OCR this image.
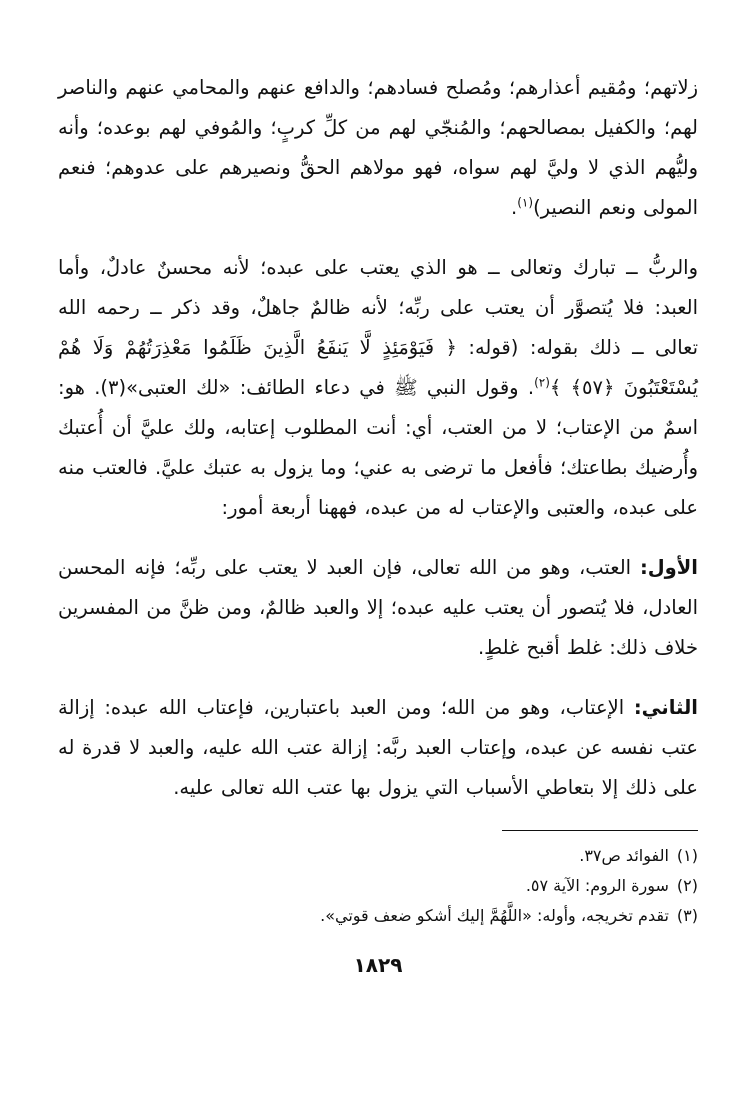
زلاتهم؛ ومُقيم أعذارهم؛ ومُصلح فسادهم؛ والدافع عنهم والمحامي عنهم والناصر لهم؛ والكفيل بمصالحهم؛ والمُنجّي لهم من كلِّ كربٍ؛ والمُوفي لهم بوعده؛ وأنه وليُّهم الذي لا وليَّ لهم سواه، فهو مولاهم الحقُّ ونصيرهم على عدوهم؛ فنعم المولى ونعم النصير)$^{(١)}$.

والربُّ ــ تبارك وتعالى ــ هو الذي يعتب على عبده؛ لأنه محسنٌ عادلٌ، وأما العبد: فلا يُتصوَّر أن يعتب على ربِّه؛ لأنه ظالمٌ جاهلٌ، وقد ذكر ــ رحمه الله تعالى ــ ذلك بقوله: (قوله: ﴿ فَيَوْمَئِذٍ لَّا يَنفَعُ الَّذِينَ ظَلَمُوا مَعْذِرَتُهُمْ وَلَا هُمْ يُسْتَعْتَبُونَ ﴿٥٧﴾ ﴾$^{(٢)}$. وقول النبي ﷺ في دعاء الطائف: «لك العتبى»(٣). هو: اسمٌ من الإعتاب؛ لا من العتب، أي: أنت المطلوب إعتابه، ولك عليَّ أن أُعتبك وأُرضيك بطاعتك؛ فأفعل ما ترضى به عني؛ وما يزول به عتبك عليَّ. فالعتب منه على عبده، والعتبى والإعتاب له من عبده، فههنا أربعة أمور:

الأول: العتب، وهو من الله تعالى، فإن العبد لا يعتب على ربِّه؛ فإنه المحسن العادل، فلا يُتصور أن يعتب عليه عبده؛ إلا والعبد ظالمٌ، ومن ظنَّ من المفسرين خلاف ذلك: غلط أقبح غلطٍ.

الثاني: الإعتاب، وهو من الله؛ ومن العبد باعتبارين، فإعتاب الله عبده: إزالة عتب نفسه عن عبده، وإعتاب العبد ربَّه: إزالة عتب الله عليه، والعبد لا قدرة له على ذلك إلا بتعاطي الأسباب التي يزول بها عتب الله تعالى عليه.

(١)الفوائد ص٣٧.
(٢)سورة الروم: الآية ٥٧.
(٣)تقدم تخريجه، وأوله: «اللَّهُمَّ إليك أشكو ضعف قوتي».
١٨٢٩
